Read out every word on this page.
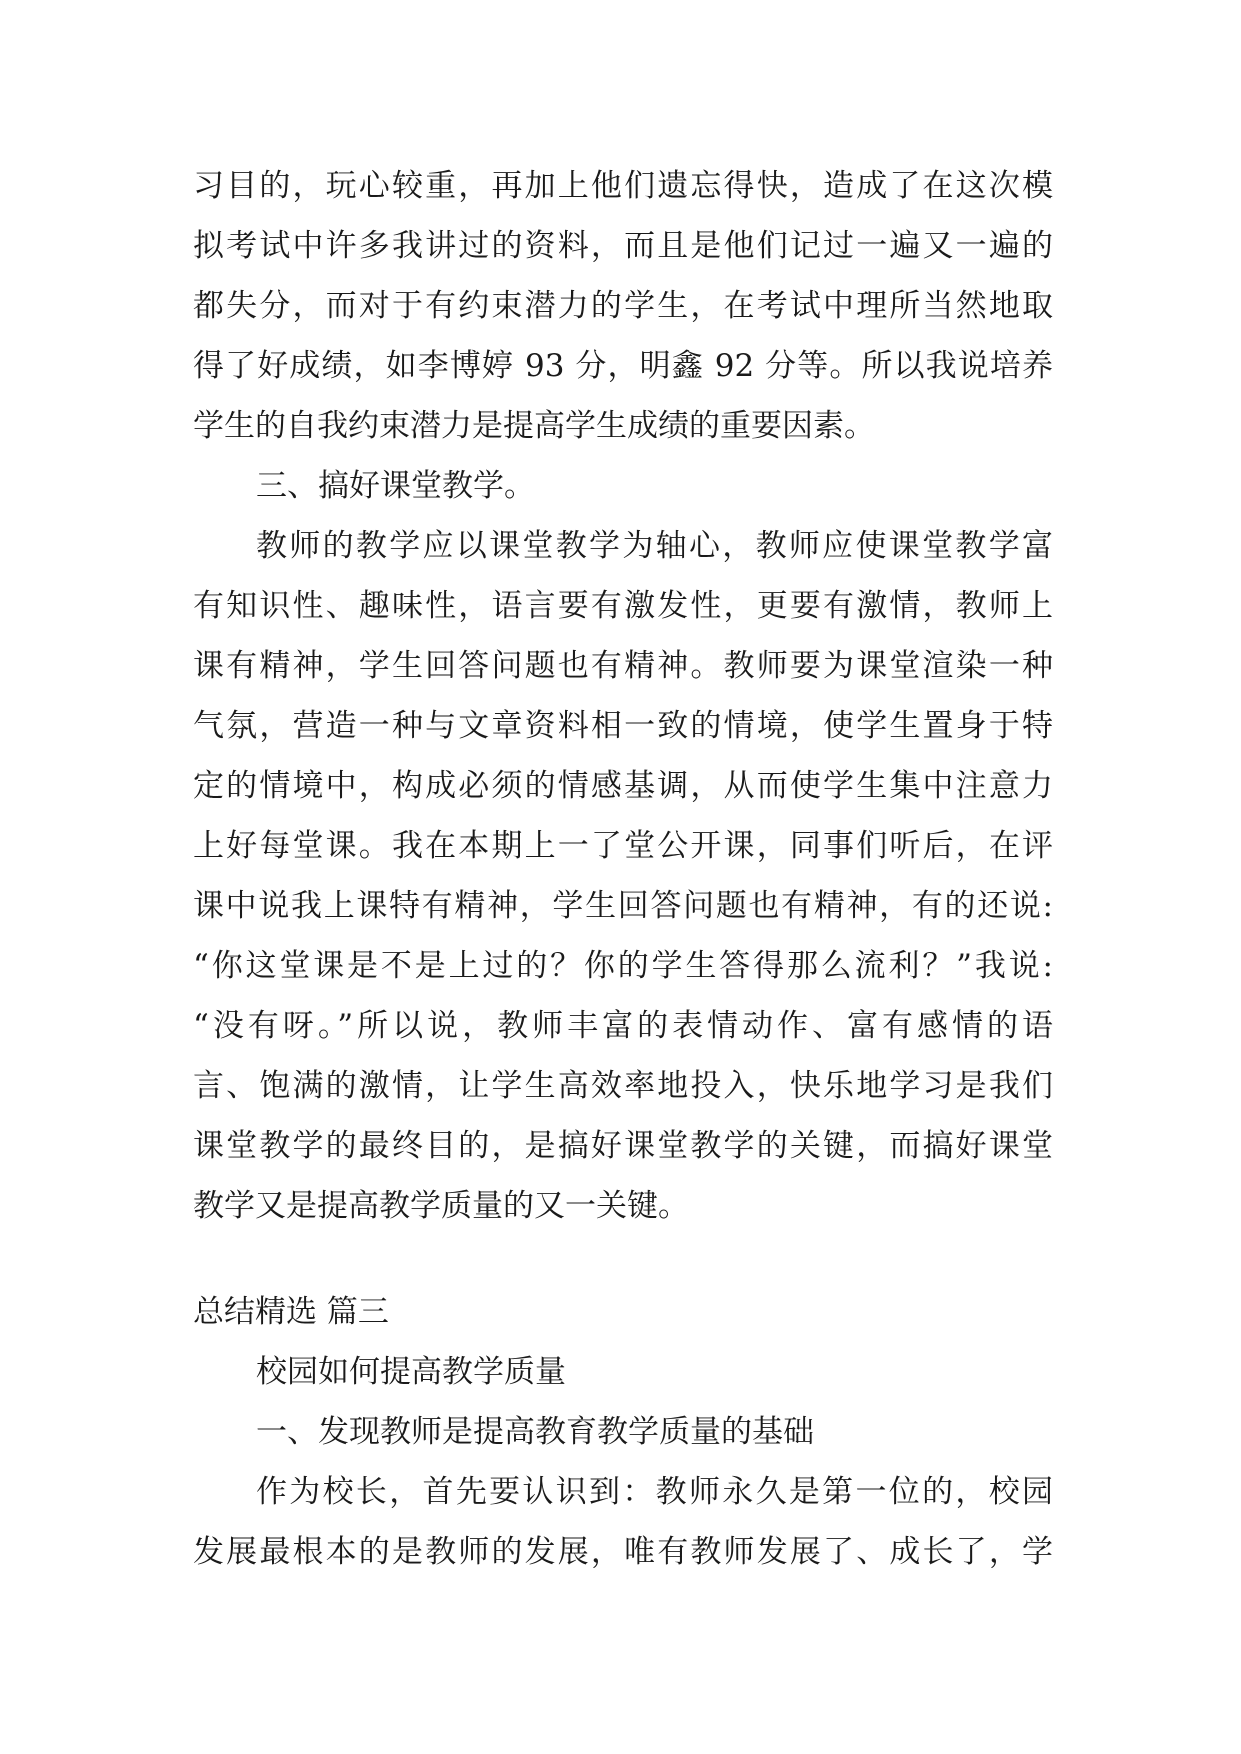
习目的，玩心较重，再加上他们遗忘得快，造成了在这次模
拟考试中许多我讲过的资料，而且是他们记过一遍又一遍的
都失分，而对于有约束潜力的学生，在考试中理所当然地取
得了好成绩，如李博婷 93 分，明鑫 92 分等。所以我说培养
学生的自我约束潜力是提高学生成绩的重要因素。
三、搞好课堂教学。
教师的教学应以课堂教学为轴心，教师应使课堂教学富
有知识性、趣味性，语言要有激发性，更要有激情，教师上
课有精神，学生回答问题也有精神。教师要为课堂渲染一种
气氛，营造一种与文章资料相一致的情境，使学生置身于特
定的情境中，构成必须的情感基调，从而使学生集中注意力
上好每堂课。我在本期上一了堂公开课，同事们听后，在评
课中说我上课特有精神，学生回答问题也有精神，有的还说:
“你这堂课是不是上过的？你的学生答得那么流利？”我说:
“没有呀。”所以说，教师丰富的表情动作、富有感情的语
言、饱满的激情，让学生高效率地投入，快乐地学习是我们
课堂教学的最终目的，是搞好课堂教学的关键，而搞好课堂
教学又是提高教学质量的又一关键。
总结精选 篇三
校园如何提高教学质量
一、发现教师是提高教育教学质量的基础
作为校长，首先要认识到：教师永久是第一位的，校园
发展最根本的是教师的发展，唯有教师发展了、成长了，学
